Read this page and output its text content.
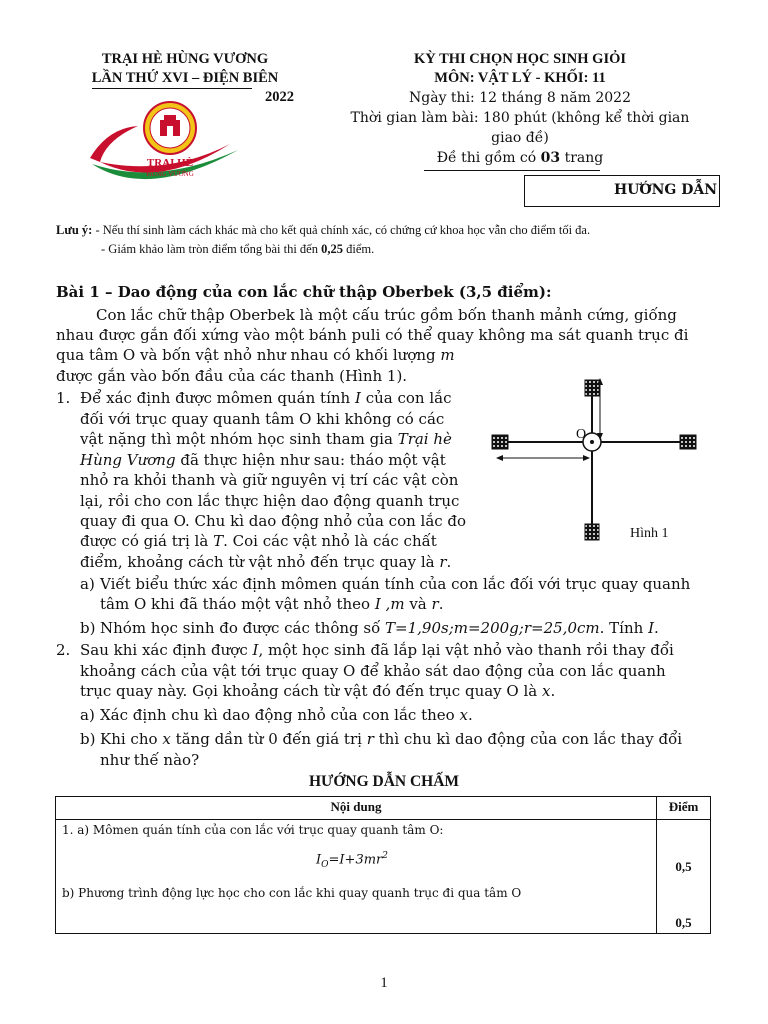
TRẠI HÈ HÙNG VƯƠNG
LẦN THỨ XVI – ĐIỆN BIÊN
2022
TRẠI HÈ
HÙNG VƯƠNG
KỲ THI CHỌN HỌC SINH GIỎI
MÔN: VẬT LÝ - KHỐI: 11
Ngày thi: 12 tháng 8 năm 2022
Thời gian làm bài: 180 phút (không kể thời gian
giao đề)
Đề thi gồm có 03 trang
HƯỚNG DẪN
Lưu ý: - Nếu thí sinh làm cách khác mà cho kết quả chính xác, có chứng cứ khoa học vẫn cho điểm tối đa.
- Giám khảo làm tròn điểm tổng bài thi đến 0,25 điểm.
Bài 1 – Dao động của con lắc chữ thập Oberbek (3,5 điểm):
Con lắc chữ thập Oberbek là một cấu trúc gồm bốn thanh mảnh cứng, giống
nhau được gắn đối xứng vào một bánh puli có thể quay không ma sát quanh trục đi
qua tâm O và bốn vật nhỏ như nhau có khối lượng m
được gắn vào bốn đầu của các thanh (Hình 1).
1. Để xác định được mômen quán tính I của con lắc
đối với trục quay quanh tâm O khi không có các
vật nặng thì một nhóm học sinh tham gia Trại hè
Hùng Vương đã thực hiện như sau: tháo một vật
nhỏ ra khỏi thanh và giữ nguyên vị trí các vật còn
lại, rồi cho con lắc thực hiện dao động quanh trục
quay đi qua O. Chu kì dao động nhỏ của con lắc đo
được có giá trị là T. Coi các vật nhỏ là các chất
điểm, khoảng cách từ vật nhỏ đến trục quay là r.
a) Viết biểu thức xác định mômen quán tính của con lắc đối với trục quay quanh
tâm O khi đã tháo một vật nhỏ theo I ,m và r.
b) Nhóm học sinh đo được các thông số T=1,90s;m=200g;r=25,0cm. Tính I.
2. Sau khi xác định được I, một học sinh đã lắp lại vật nhỏ vào thanh rồi thay đổi
khoảng cách của vật tới trục quay O để khảo sát dao động của con lắc quanh
trục quay này. Gọi khoảng cách từ vật đó đến trục quay O là x.
a) Xác định chu kì dao động nhỏ của con lắc theo x.
b) Khi cho x tăng dần từ 0 đến giá trị r thì chu kì dao động của con lắc thay đổi
như thế nào?
O
Hình 1
HƯỚNG DẪN CHẤM
Nội dung	Điểm
1. a) Mômen quán tính của con lắc với trục quay quanh tâm O:
$I_O=I+3mr^2$
0,5
b) Phương trình động lực học cho con lắc khi quay quanh trục đi qua tâm O
0,5
1
